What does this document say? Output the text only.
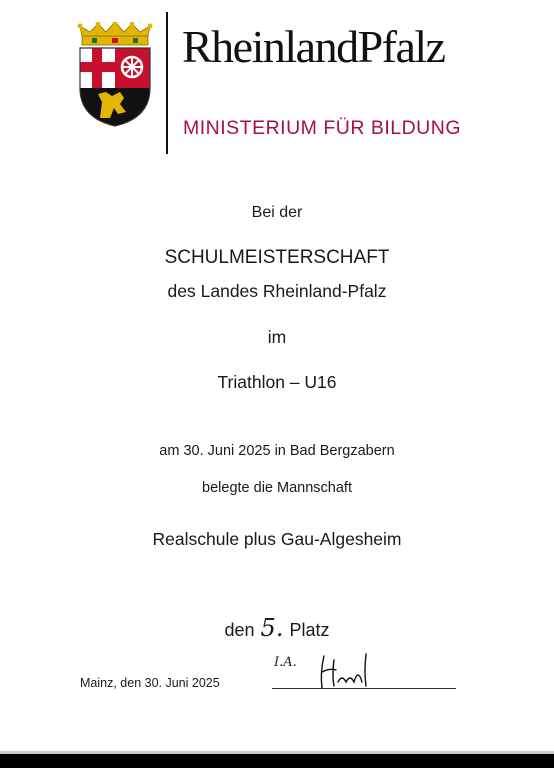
RheinlandPfalz
MINISTERIUM FÜR BILDUNG
Bei der
SCHULMEISTERSCHAFT
des Landes Rheinland-Pfalz
im
Triathlon – U16
am 30. Juni 2025 in Bad Bergzabern
belegte die Mannschaft
Realschule plus Gau-Algesheim
den 5. Platz
Mainz, den 30. Juni 2025
I.A.
